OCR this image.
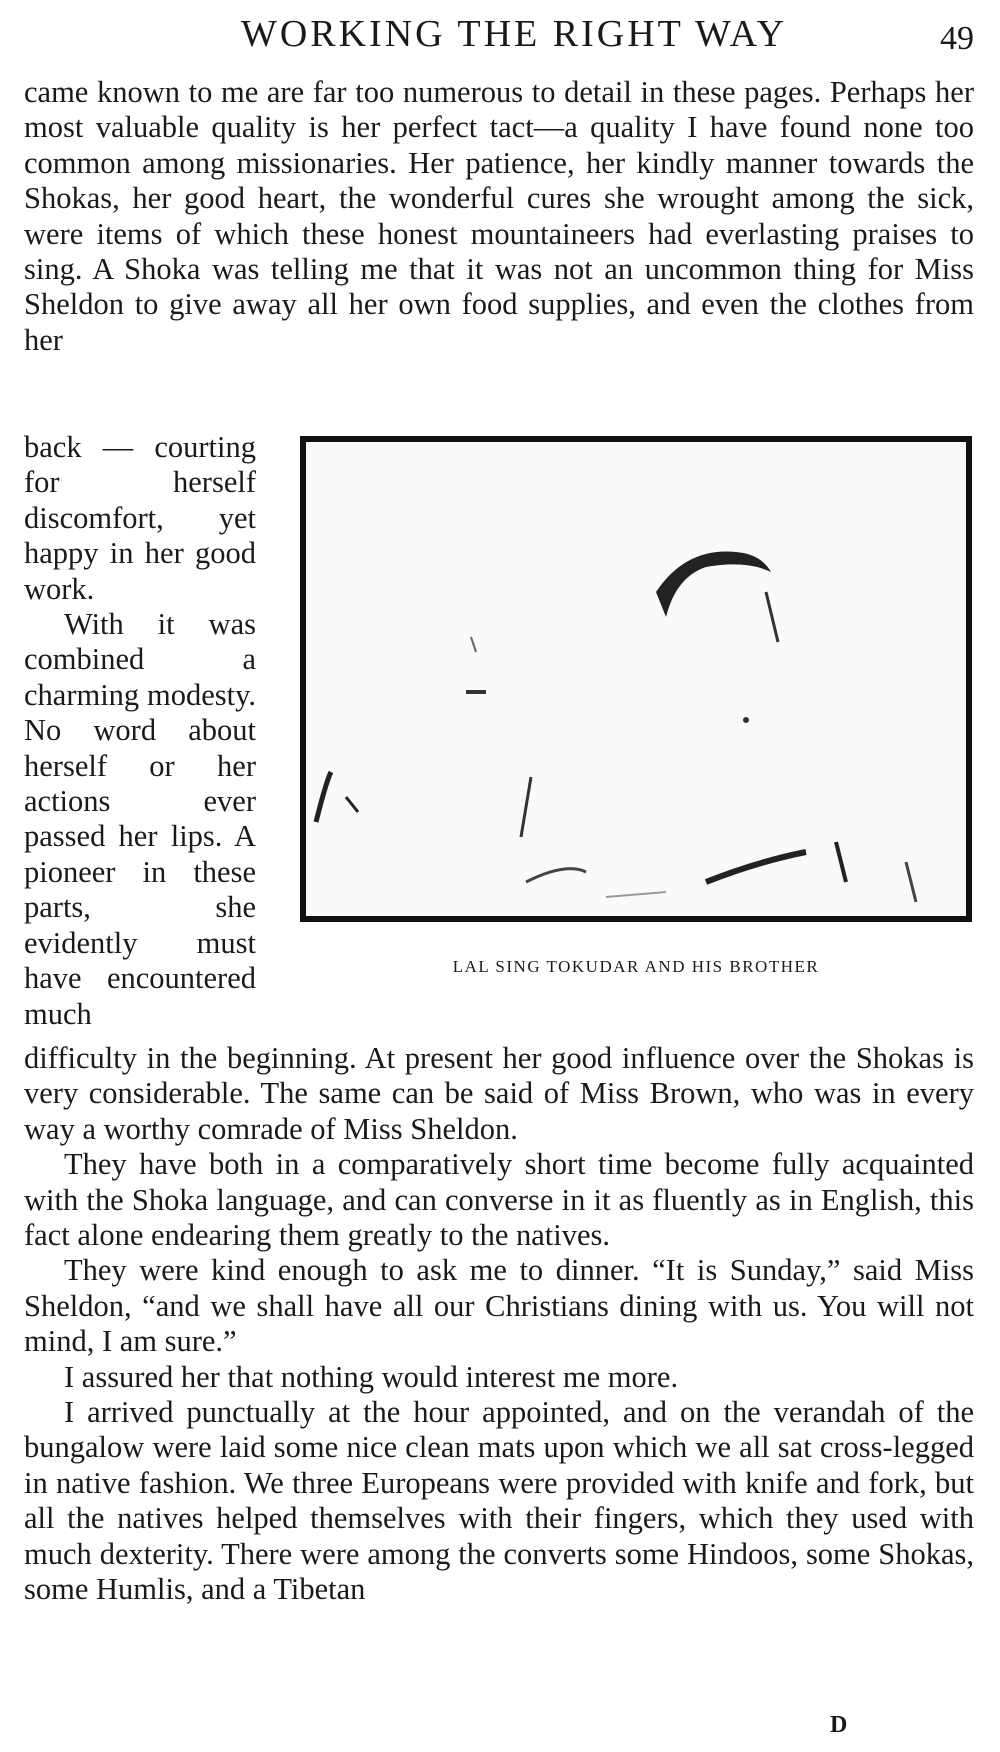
WORKING THE RIGHT WAY	49

came known to me are far too numerous to detail in these pages. Perhaps her most valuable quality is her perfect tact—a quality I have found none too common among missionaries. Her patience, her kindly manner towards the Shokas, her good heart, the wonderful cures she wrought among the sick, were items of which these honest mountaineers had everlasting praises to sing. A Shoka was telling me that it was not an uncommon thing for Miss Sheldon to give away all her own food supplies, and even the clothes from her

back — courting for herself discomfort, yet happy in her good work.

With it was combined a charming modesty. No word about herself or her actions ever passed her lips. A pioneer in these parts, she evidently must have encountered much

LAL SING TOKUDAR AND HIS BROTHER

difficulty in the beginning. At present her good influence over the Shokas is very considerable. The same can be said of Miss Brown, who was in every way a worthy comrade of Miss Sheldon.

They have both in a comparatively short time become fully acquainted with the Shoka language, and can converse in it as fluently as in English, this fact alone endearing them greatly to the natives.

They were kind enough to ask me to dinner. “It is Sunday,” said Miss Sheldon, “and we shall have all our Christians dining with us. You will not mind, I am sure.”

I assured her that nothing would interest me more.

I arrived punctually at the hour appointed, and on the verandah of the bungalow were laid some nice clean mats upon which we all sat cross-legged in native fashion. We three Europeans were provided with knife and fork, but all the natives helped themselves with their fingers, which they used with much dexterity. There were among the converts some Hindoos, some Shokas, some Humlis, and a Tibetan

D
